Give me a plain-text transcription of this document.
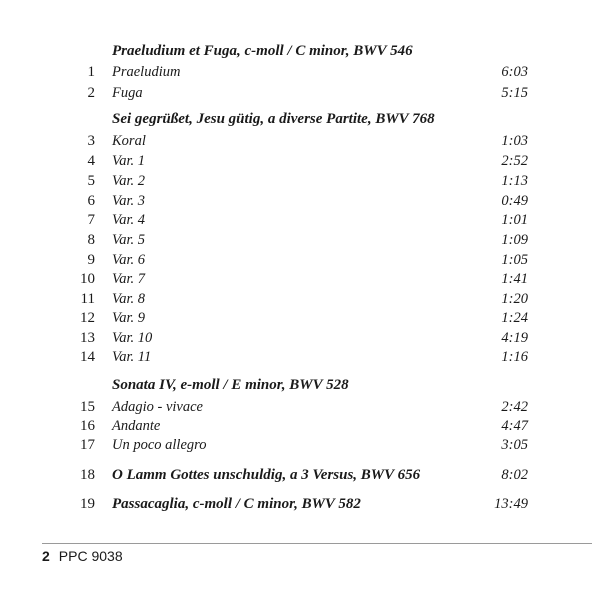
Praeludium et Fuga, c-moll / C minor, BWV 546
1 Praeludium	6:03
2 Fuga	5:15
Sei gegrüßet, Jesu gütig, a diverse Partite, BWV 768
3 Koral	1:03
4 Var. 1	2:52
5 Var. 2	1:13
6 Var. 3	0:49
7 Var. 4	1:01
8 Var. 5	1:09
9 Var. 6	1:05
10 Var. 7	1:41
11 Var. 8	1:20
12 Var. 9	1:24
13 Var. 10	4:19
14 Var. 11	1:16
Sonata IV, e-moll / E minor, BWV 528
15 Adagio - vivace	2:42
16 Andante	4:47
17 Un poco allegro	3:05
18 O Lamm Gottes unschuldig, a 3 Versus, BWV 656	8:02
19 Passacaglia, c-moll / C minor, BWV 582	13:49
2 PPC 9038
